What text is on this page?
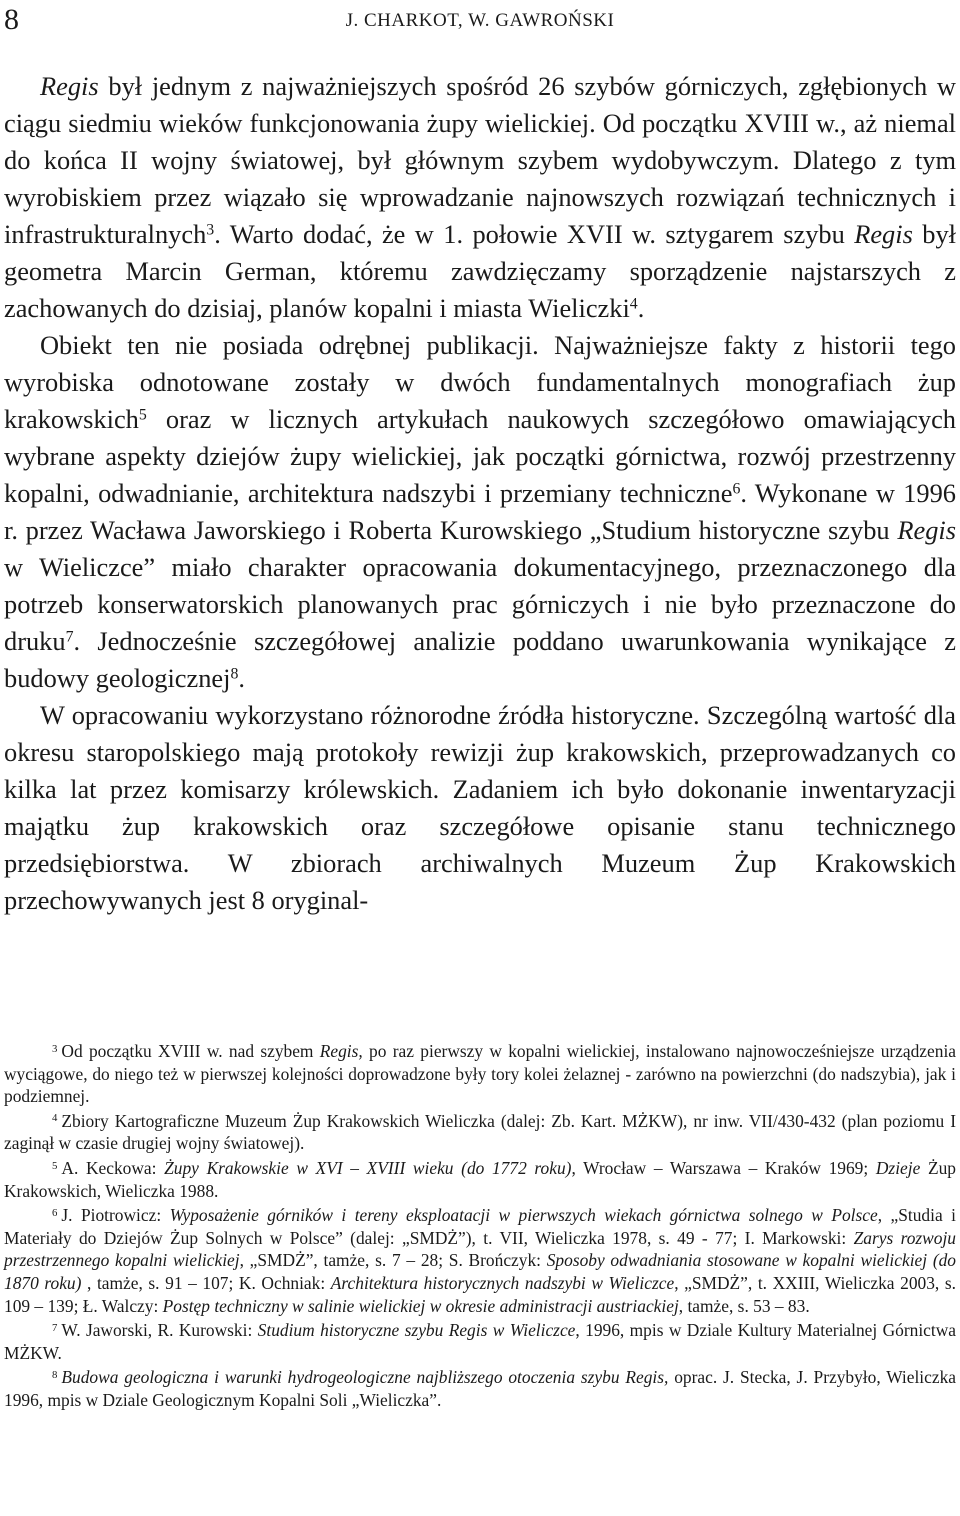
8	J. CHARKOT, W. GAWROŃSKI

Regis był jednym z najważniejszych spośród 26 szybów górniczych, zgłębionych w ciągu siedmiu wieków funkcjonowania żupy wielickiej. Od początku XVIII w., aż niemal do końca II wojny światowej, był głównym szybem wydobywczym. Dlatego z tym wyrobiskiem przez wiązało się wprowadzanie najnowszych rozwiązań technicznych i infrastrukturalnych$^3$. Warto dodać, że w 1. połowie XVII w. sztygarem szybu Regis był geometra Marcin German, któremu zawdzięczamy sporządzenie najstarszych z zachowanych do dzisiaj, planów kopalni i miasta Wieliczki$^4$.

Obiekt ten nie posiada odrębnej publikacji. Najważniejsze fakty z historii tego wyrobiska odnotowane zostały w dwóch fundamentalnych monografiach żup krakowskich$^5$ oraz w licznych artykułach naukowych szczegółowo omawiających wybrane aspekty dziejów żupy wielickiej, jak początki górnictwa, rozwój przestrzenny kopalni, odwadnianie, architektura nadszybi i przemiany techniczne$^6$. Wykonane w 1996 r. przez Wacława Jaworskiego i Roberta Kurowskiego „Studium historyczne szybu Regis w Wieliczce” miało charakter opracowania dokumentacyjnego, przeznaczonego dla potrzeb konserwatorskich planowanych prac górniczych i nie było przeznaczone do druku$^7$. Jednocześnie szczegółowej analizie poddano uwarunkowania wynikające z budowy geologicznej$^8$.

W opracowaniu wykorzystano różnorodne źródła historyczne. Szczególną wartość dla okresu staropolskiego mają protokoły rewizji żup krakowskich, przeprowadzanych co kilka lat przez komisarzy królewskich. Zadaniem ich było dokonanie inwentaryzacji majątku żup krakowskich oraz szczegółowe opisanie stanu technicznego przedsiębiorstwa. W zbiorach archiwalnych Muzeum Żup Krakowskich przechowywanych jest 8 oryginal-

$^3$ Od początku XVIII w. nad szybem Regis, po raz pierwszy w kopalni wielickiej, instalowano najnowocześniejsze urządzenia wyciągowe, do niego też w pierwszej kolejności doprowadzone były tory kolei żelaznej - zarówno na powierzchni (do nadszybia), jak i podziemnej.

$^4$ Zbiory Kartograficzne Muzeum Żup Krakowskich Wieliczka (dalej: Zb. Kart. MŻKW), nr inw. VII/430-432 (plan poziomu I zaginął w czasie drugiej wojny światowej).

$^5$ A. Keckowa: Żupy Krakowskie w XVI – XVIII wieku (do 1772 roku), Wrocław – Warszawa – Kraków 1969; Dzieje Żup Krakowskich, Wieliczka 1988.

$^6$ J. Piotrowicz: Wyposażenie górników i tereny eksploatacji w pierwszych wiekach górnictwa solnego w Polsce, „Studia i Materiały do Dziejów Żup Solnych w Polsce” (dalej: „SMDŻ”), t. VII, Wieliczka 1978, s. 49 - 77; I. Markowski: Zarys rozwoju przestrzennego kopalni wielickiej, „SMDŻ”, tamże, s. 7 – 28; S. Brończyk: Sposoby odwadniania stosowane w kopalni wielickiej (do 1870 roku) , tamże, s. 91 – 107; K. Ochniak: Architektura historycznych nadszybi w Wieliczce, „SMDŻ”, t. XXIII, Wieliczka 2003, s. 109 – 139; Ł. Walczy: Postęp techniczny w salinie wielickiej w okresie administracji austriackiej, tamże, s. 53 – 83.

$^7$ W. Jaworski, R. Kurowski: Studium historyczne szybu Regis w Wieliczce, 1996, mpis w Dziale Kultury Materialnej Górnictwa MŻKW.

$^8$ Budowa geologiczna i warunki hydrogeologiczne najbliższego otoczenia szybu Regis, oprac. J. Stecka, J. Przybyło, Wieliczka 1996, mpis w Dziale Geologicznym Kopalni Soli „Wieliczka”.
